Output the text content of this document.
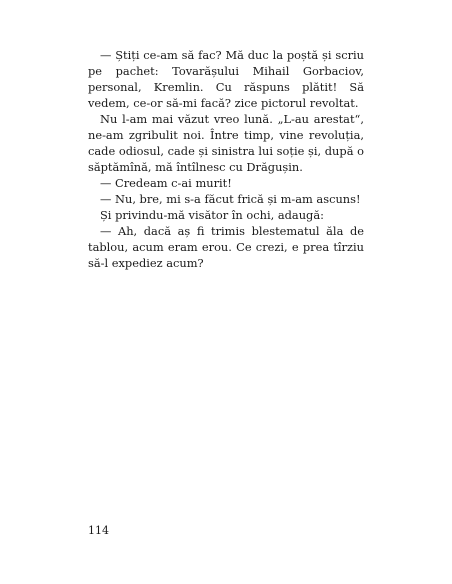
— Știți ce-am să fac? Mă duc la poștă și scriu pe pachet: Tovarășului Mihail Gorbaciov, personal, Kremlin. Cu răspuns plătit! Să vedem, ce-or să-mi facă? zice pictorul revoltat.

Nu l-am mai văzut vreo lună. „L-au arestat“, ne-am zgribulit noi. Între timp, vine revoluția, cade odiosul, cade și sinistra lui soție și, după o săptămînă, mă întîlnesc cu Drăgușin.

— Credeam c-ai murit!

— Nu, bre, mi s-a făcut frică și m-am ascuns!

Și privindu-mă visător în ochi, adaugă:

— Ah, dacă aș fi trimis blestematul ăla de tablou, acum eram erou. Ce crezi, e prea tîrziu să-l expediez acum?

114
